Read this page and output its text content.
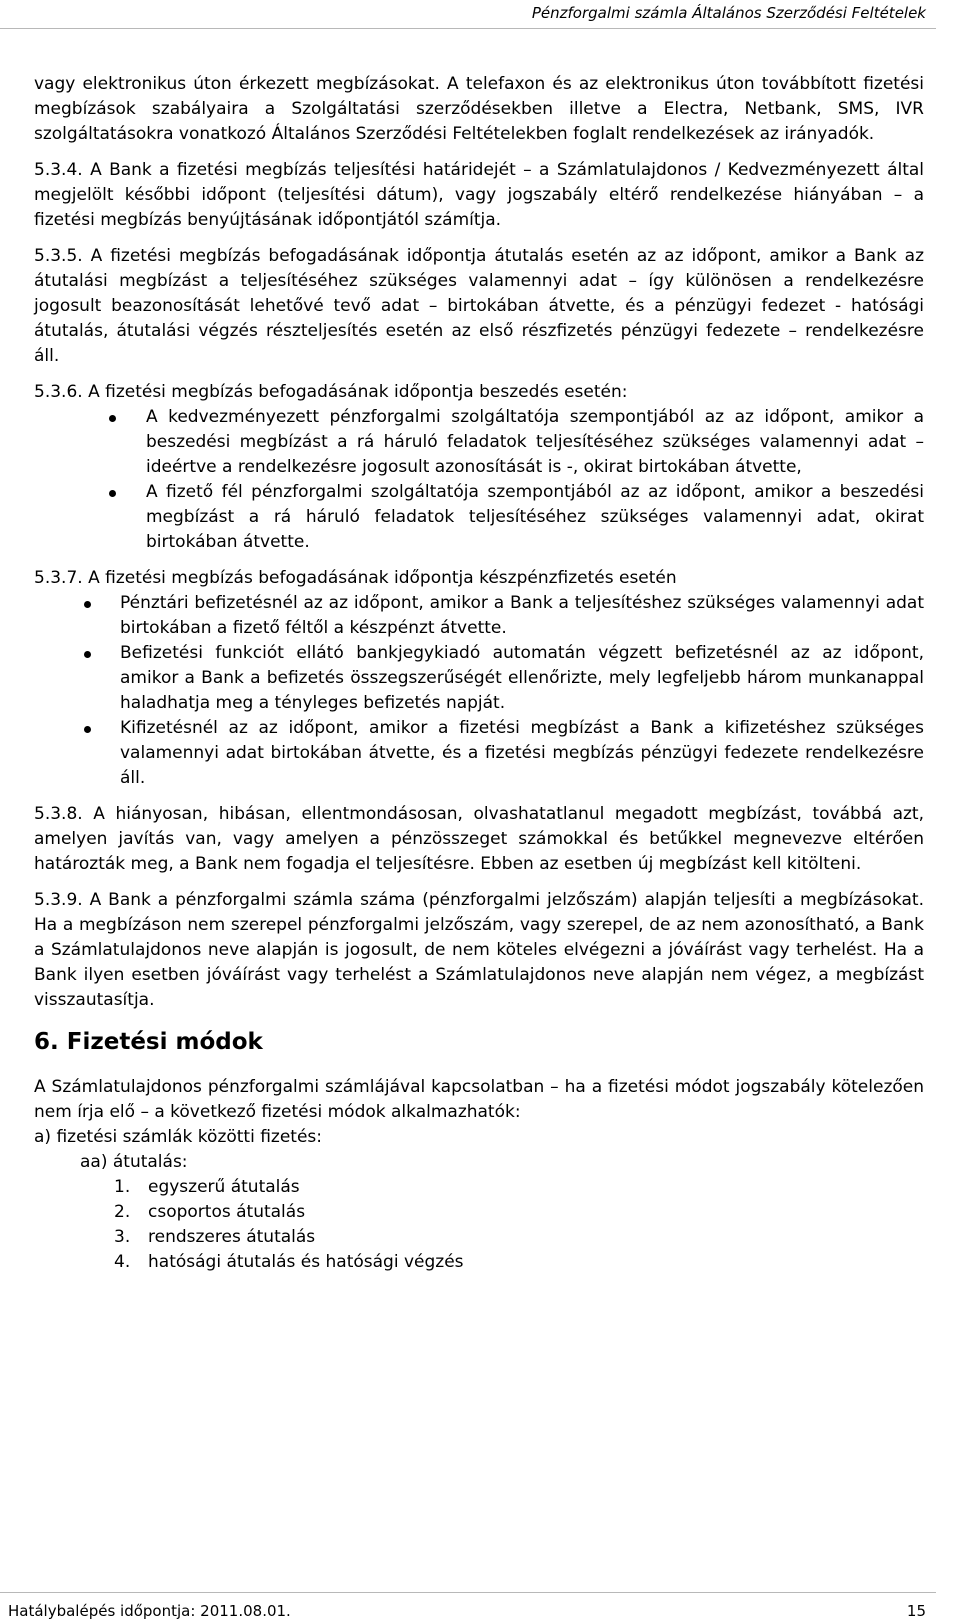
Pénzforgalmi számla Általános Szerződési Feltételek

vagy elektronikus úton érkezett megbízásokat. A telefaxon és az elektronikus úton továbbított fizetési megbízások szabályaira a Szolgáltatási szerződésekben illetve a Electra, Netbank, SMS, IVR szolgáltatásokra vonatkozó Általános Szerződési Feltételekben foglalt rendelkezések az irányadók.

5.3.4. A Bank a fizetési megbízás teljesítési határidejét – a Számlatulajdonos / Kedvezményezett által megjelölt későbbi időpont (teljesítési dátum), vagy jogszabály eltérő rendelkezése hiányában – a fizetési megbízás benyújtásának időpontjától számítja.

5.3.5. A fizetési megbízás befogadásának időpontja átutalás esetén az az időpont, amikor a Bank az átutalási megbízást a teljesítéséhez szükséges valamennyi adat – így különösen a rendelkezésre jogosult beazonosítását lehetővé tevő adat – birtokában átvette, és a pénzügyi fedezet - hatósági átutalás, átutalási végzés részteljesítés esetén az első részfizetés pénzügyi fedezete – rendelkezésre áll.

5.3.6. A fizetési megbízás befogadásának időpontja beszedés esetén:

A kedvezményezett pénzforgalmi szolgáltatója szempontjából az az időpont, amikor a beszedési megbízást a rá háruló feladatok teljesítéséhez szükséges valamennyi adat – ideértve a rendelkezésre jogosult azonosítását is -, okirat birtokában átvette,
A fizető fél pénzforgalmi szolgáltatója szempontjából az az időpont, amikor a beszedési megbízást a rá háruló feladatok teljesítéséhez szükséges valamennyi adat, okirat birtokában átvette.

5.3.7. A fizetési megbízás befogadásának időpontja készpénzfizetés esetén

Pénztári befizetésnél az az időpont, amikor a Bank a teljesítéshez szükséges valamennyi adat birtokában a fizető féltől a készpénzt átvette.
Befizetési funkciót ellátó bankjegykiadó automatán végzett befizetésnél az az időpont, amikor a Bank a befizetés összegszerűségét ellenőrizte, mely legfeljebb három munkanappal haladhatja meg a tényleges befizetés napját.
Kifizetésnél az az időpont, amikor a fizetési megbízást a Bank a kifizetéshez szükséges valamennyi adat birtokában átvette, és a fizetési megbízás pénzügyi fedezete rendelkezésre áll.

5.3.8. A hiányosan, hibásan, ellentmondásosan, olvashatatlanul megadott megbízást, továbbá azt, amelyen javítás van, vagy amelyen a pénzösszeget számokkal és betűkkel megnevezve eltérően határozták meg, a Bank nem fogadja el teljesítésre. Ebben az esetben új megbízást kell kitölteni.

5.3.9. A Bank a pénzforgalmi számla száma (pénzforgalmi jelzőszám) alapján teljesíti a megbízásokat. Ha a megbízáson nem szerepel pénzforgalmi jelzőszám, vagy szerepel, de az nem azonosítható, a Bank a Számlatulajdonos neve alapján is jogosult, de nem köteles elvégezni a jóváírást vagy terhelést. Ha a Bank ilyen esetben jóváírást vagy terhelést a Számlatulajdonos neve alapján nem végez, a megbízást visszautasítja.

6. Fizetési módok

A Számlatulajdonos pénzforgalmi számlájával kapcsolatban – ha a fizetési módot jogszabály kötelezően nem írja elő – a következő fizetési módok alkalmazhatók:

a) fizetési számlák közötti fizetés:

aa) átutalás:

1. egyszerű átutalás
2. csoportos átutalás
3. rendszeres átutalás
4. hatósági átutalás és hatósági végzés
Hatálybalépés időpontja: 2011.08.01.	15
